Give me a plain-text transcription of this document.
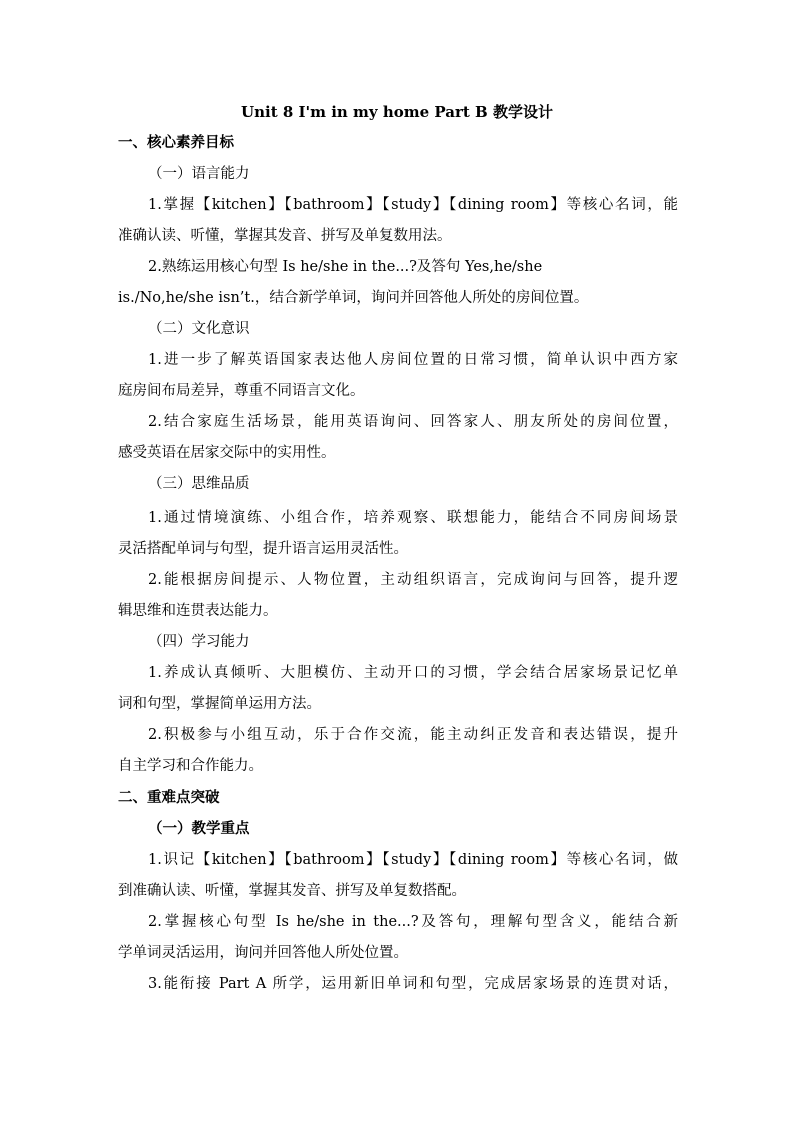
Unit 8 I'm in my home Part B 教学设计
一、核心素养目标
（一）语言能力
1.掌握【kitchen】【bathroom】【study】【dining room】等核心名词，能
准确认读、听懂，掌握其发音、拼写及单复数用法。
2.熟练运用核心句型 Is he/she in the...?及答句 Yes,he/she
is./No,he/she isn’t.，结合新学单词，询问并回答他人所处的房间位置。
（二）文化意识
1.进一步了解英语国家表达他人房间位置的日常习惯，简单认识中西方家
庭房间布局差异，尊重不同语言文化。
2.结合家庭生活场景，能用英语询问、回答家人、朋友所处的房间位置，
感受英语在居家交际中的实用性。
（三）思维品质
1.通过情境演练、小组合作，培养观察、联想能力，能结合不同房间场景
灵活搭配单词与句型，提升语言运用灵活性。
2.能根据房间提示、人物位置，主动组织语言，完成询问与回答，提升逻
辑思维和连贯表达能力。
（四）学习能力
1.养成认真倾听、大胆模仿、主动开口的习惯，学会结合居家场景记忆单
词和句型，掌握简单运用方法。
2.积极参与小组互动，乐于合作交流，能主动纠正发音和表达错误，提升
自主学习和合作能力。
二、重难点突破
（一）教学重点
1.识记【kitchen】【bathroom】【study】【dining room】等核心名词，做
到准确认读、听懂，掌握其发音、拼写及单复数搭配。
2.掌握核心句型 Is he/she in the...?及答句，理解句型含义，能结合新
学单词灵活运用，询问并回答他人所处位置。
3.能衔接 Part A 所学，运用新旧单词和句型，完成居家场景的连贯对话，
